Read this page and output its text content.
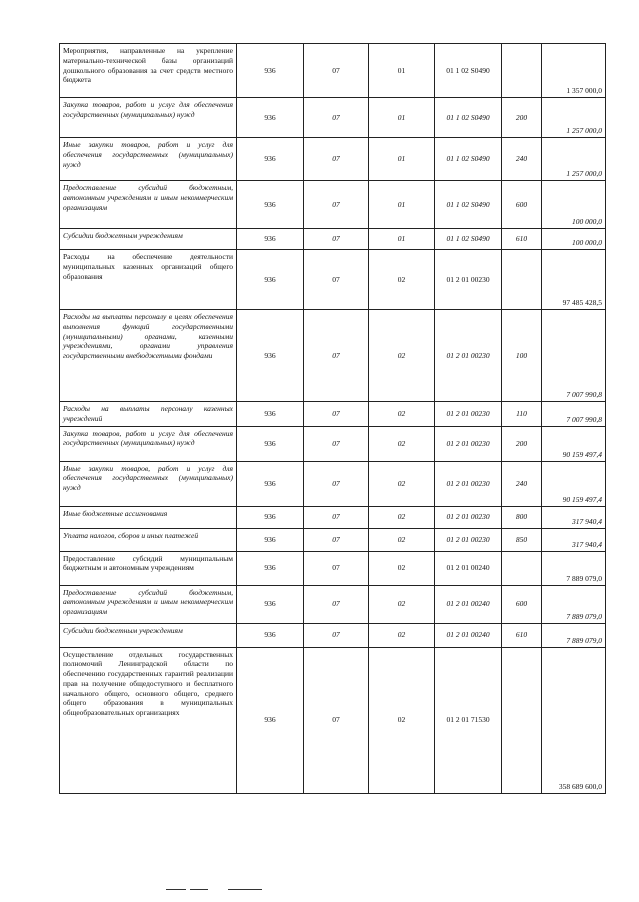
Мероприятия, направленные на укрепление материально-технической базы организаций дошкольного образования за счет средств местного бюджета	936	07	01	01 1 02 S0490		1 357 000,0
Закупка товаров, работ и услуг для обеспечения государственных (муниципальных) нужд	936	07	01	01 1 02 S0490	200	1 257 000,0
Иные закупки товаров, работ и услуг для обеспечения государственных (муниципальных) нужд	936	07	01	01 1 02 S0490	240	1 257 000,0
Предоставление субсидий бюджетным, автономным учреждениям и иным некоммерческим организациям	936	07	01	01 1 02 S0490	600	100 000,0
Субсидии бюджетным учреждениям	936	07	01	01 1 02 S0490	610	100 000,0
Расходы на обеспечение деятельности муниципальных казенных организаций общего образования	936	07	02	01 2 01 00230		97 485 428,5
Расходы на выплаты персоналу в целях обеспечения выполнения функций государственными (муниципальными) органами, казенными учреждениями, органами управления государственными внебюджетными фондами	936	07	02	01 2 01 00230	100	7 007 990,8
Расходы на выплаты персоналу казенных учреждений	936	07	02	01 2 01 00230	110	7 007 990,8
Закупка товаров, работ и услуг для обеспечения государственных (муниципальных) нужд	936	07	02	01 2 01 00230	200	90 159 497,4
Иные закупки товаров, работ и услуг для обеспечения государственных (муниципальных) нужд	936	07	02	01 2 01 00230	240	90 159 497,4
Иные бюджетные ассигнования	936	07	02	01 2 01 00230	800	317 940,4
Уплата налогов, сборов и иных платежей	936	07	02	01 2 01 00230	850	317 940,4
Предоставление субсидий муниципальным бюджетным и автономным учреждениям	936	07	02	01 2 01 00240		7 889 079,0
Предоставление субсидий бюджетным, автономным учреждениям и иным некоммерческим организациям	936	07	02	01 2 01 00240	600	7 889 079,0
Субсидии бюджетным учреждениям	936	07	02	01 2 01 00240	610	7 889 079,0
Осуществление отдельных государственных полномочий Ленинградской области по обеспечению государственных гарантий реализации прав на получение общедоступного и бесплатного начального общего, основного общего, среднего общего образования в муниципальных общеобразовательных организациях	936	07	02	01 2 01 71530		358 689 600,0
